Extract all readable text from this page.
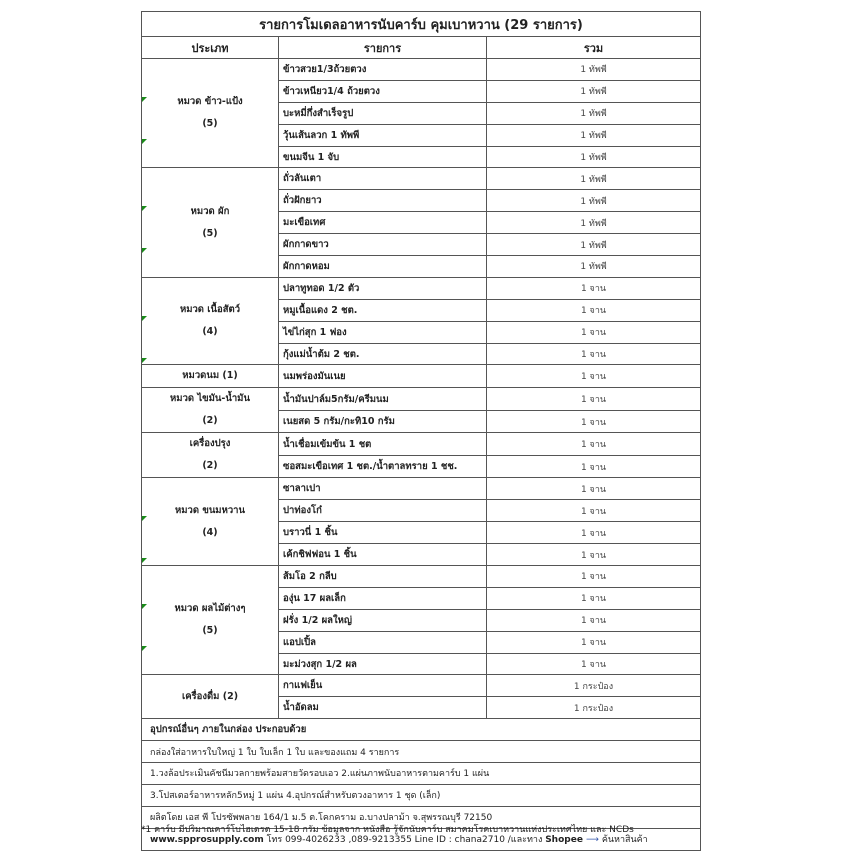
รายการโมเดลอาหารนับคาร์บ คุมเบาหวาน (29 รายการ)		
ประเภท	รายการ	รวม

หมวด ข้าว-แป้ง
(5)	ข้าวสวย1/3ถ้วยตวง	1 ทัพพี
	ข้าวเหนียว1/4 ถ้วยตวง	1 ทัพพี
	บะหมี่กึ่งสำเร็จรูป	1 ทัพพี
	วุ้นเส้นลวก 1 ทัพพี	1 ทัพพี
	ขนมจีน 1 จับ	1 ทัพพี

หมวด ผัก
(5)	ถั่วลันเตา	1 ทัพพี
	ถั่วฝักยาว	1 ทัพพี
	มะเขือเทศ	1 ทัพพี
	ผักกาดขาว	1 ทัพพี
	ผักกาดหอม	1 ทัพพี

หมวด เนื้อสัตว์
(4)	ปลาทูทอด 1/2 ตัว	1 จาน
	หมูเนื้อแดง 2 ชต.	1 จาน
	ไข่ไก่สุก 1 ฟอง	1 จาน
	กุ้งแม่น้ำต้ม 2 ชต.	1 จาน

หมวดนม (1)	นมพร่องมันเนย	1 จาน

หมวด ไขมัน-น้ำมัน
(2)	น้ำมันปาล์ม5กรัม/ครีมนม	1 จาน
	เนยสด 5 กรัม/กะทิ10 กรัม	1 จาน

เครื่องปรุง
(2)	น้ำเชื่อมเข้มข้น 1 ชต	1 จาน
	ซอสมะเขือเทศ 1 ชต./น้ำตาลทราย 1 ชช.	1 จาน

หมวด ขนมหวาน
(4)	ซาลาเปา	1 จาน
	ปาท่องโก๋	1 จาน
	บราวนี่ 1 ชิ้น	1 จาน
	เค้กชิฟฟอน 1 ชิ้น	1 จาน

หมวด ผลไม้ต่างๆ
(5)	ส้มโอ 2 กลีบ	1 จาน
	องุ่น 17 ผลเล็ก	1 จาน
	ฝรั่ง 1/2 ผลใหญ่	1 จาน
	แอปเปิ้ล	1 จาน
	มะม่วงสุก 1/2 ผล	1 จาน

เครื่องดื่ม (2)	กาแฟเย็น	1 กระป๋อง
	น้ำอัดลม	1 กระป๋อง
อุปกรณ์อื่นๆ ภายในกล่อง ประกอบด้วย		
กล่องใส่อาหารใบใหญ่ 1 ใบ ใบเล็ก 1 ใบ และของแถม 4 รายการ		
1.วงล้อประเมินคัชนีมวลกายพร้อมสายวัดรอบเอว 2.แผ่นภาพนับอาหารตามคาร์บ 1 แผ่น		
3.โปสเตอร์อาหารหลัก5หมู่ 1 แผ่น 4.อุปกรณ์สำหรับตวงอาหาร 1 ชุด (เล็ก)		
ผลิตโดย เอส พี โปรซัพพลาย 164/1 ม.5 ต.โคกคราม อ.บางปลาม้า จ.สุพรรณบุรี 72150		
www.spprosupply.com โทร 099-4026233 ,089-9213355 Line ID : chana2710 /และทาง Shopee ⟶ ค้นหาสินค้า		
*1 คาร์บ มีปริมาณคาร์โบไฮเดรต 15-18 กรัม ข้อมูลจาก หนังสือ รู้จักนับคาร์บ สมาคมโรคเบาหวานแห่งประเทศไทย และ NCDs
